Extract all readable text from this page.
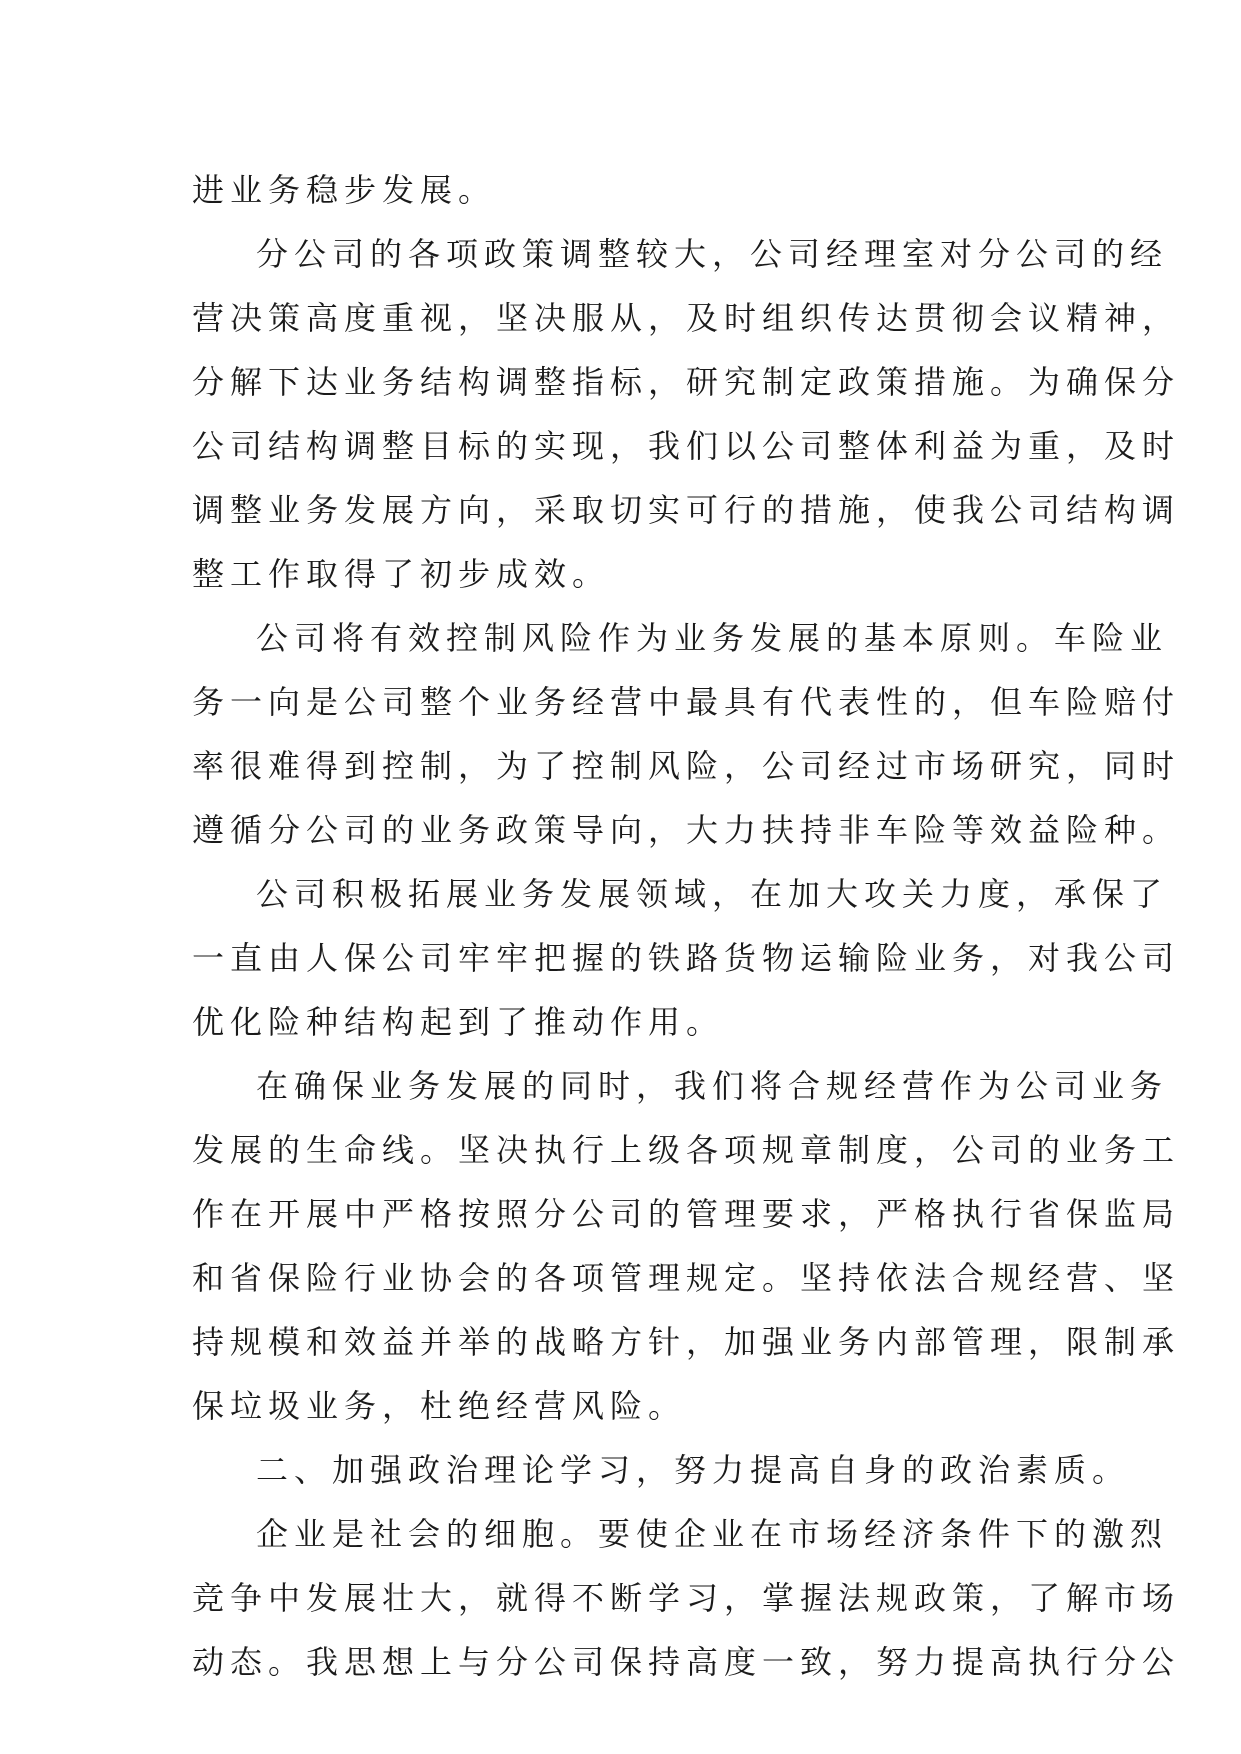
进业务稳步发展。
分公司的各项政策调整较大，公司经理室对分公司的经
营决策高度重视，坚决服从，及时组织传达贯彻会议精神，
分解下达业务结构调整指标，研究制定政策措施。为确保分
公司结构调整目标的实现，我们以公司整体利益为重，及时
调整业务发展方向，采取切实可行的措施，使我公司结构调
整工作取得了初步成效。
公司将有效控制风险作为业务发展的基本原则。车险业
务一向是公司整个业务经营中最具有代表性的，但车险赔付
率很难得到控制，为了控制风险，公司经过市场研究，同时
遵循分公司的业务政策导向，大力扶持非车险等效益险种。
公司积极拓展业务发展领域，在加大攻关力度，承保了
一直由人保公司牢牢把握的铁路货物运输险业务，对我公司
优化险种结构起到了推动作用。
在确保业务发展的同时，我们将合规经营作为公司业务
发展的生命线。坚决执行上级各项规章制度，公司的业务工
作在开展中严格按照分公司的管理要求，严格执行省保监局
和省保险行业协会的各项管理规定。坚持依法合规经营、坚
持规模和效益并举的战略方针，加强业务内部管理，限制承
保垃圾业务，杜绝经营风险。
二、加强政治理论学习，努力提高自身的政治素质。
企业是社会的细胞。要使企业在市场经济条件下的激烈
竞争中发展壮大，就得不断学习，掌握法规政策，了解市场
动态。我思想上与分公司保持高度一致，努力提高执行分公
